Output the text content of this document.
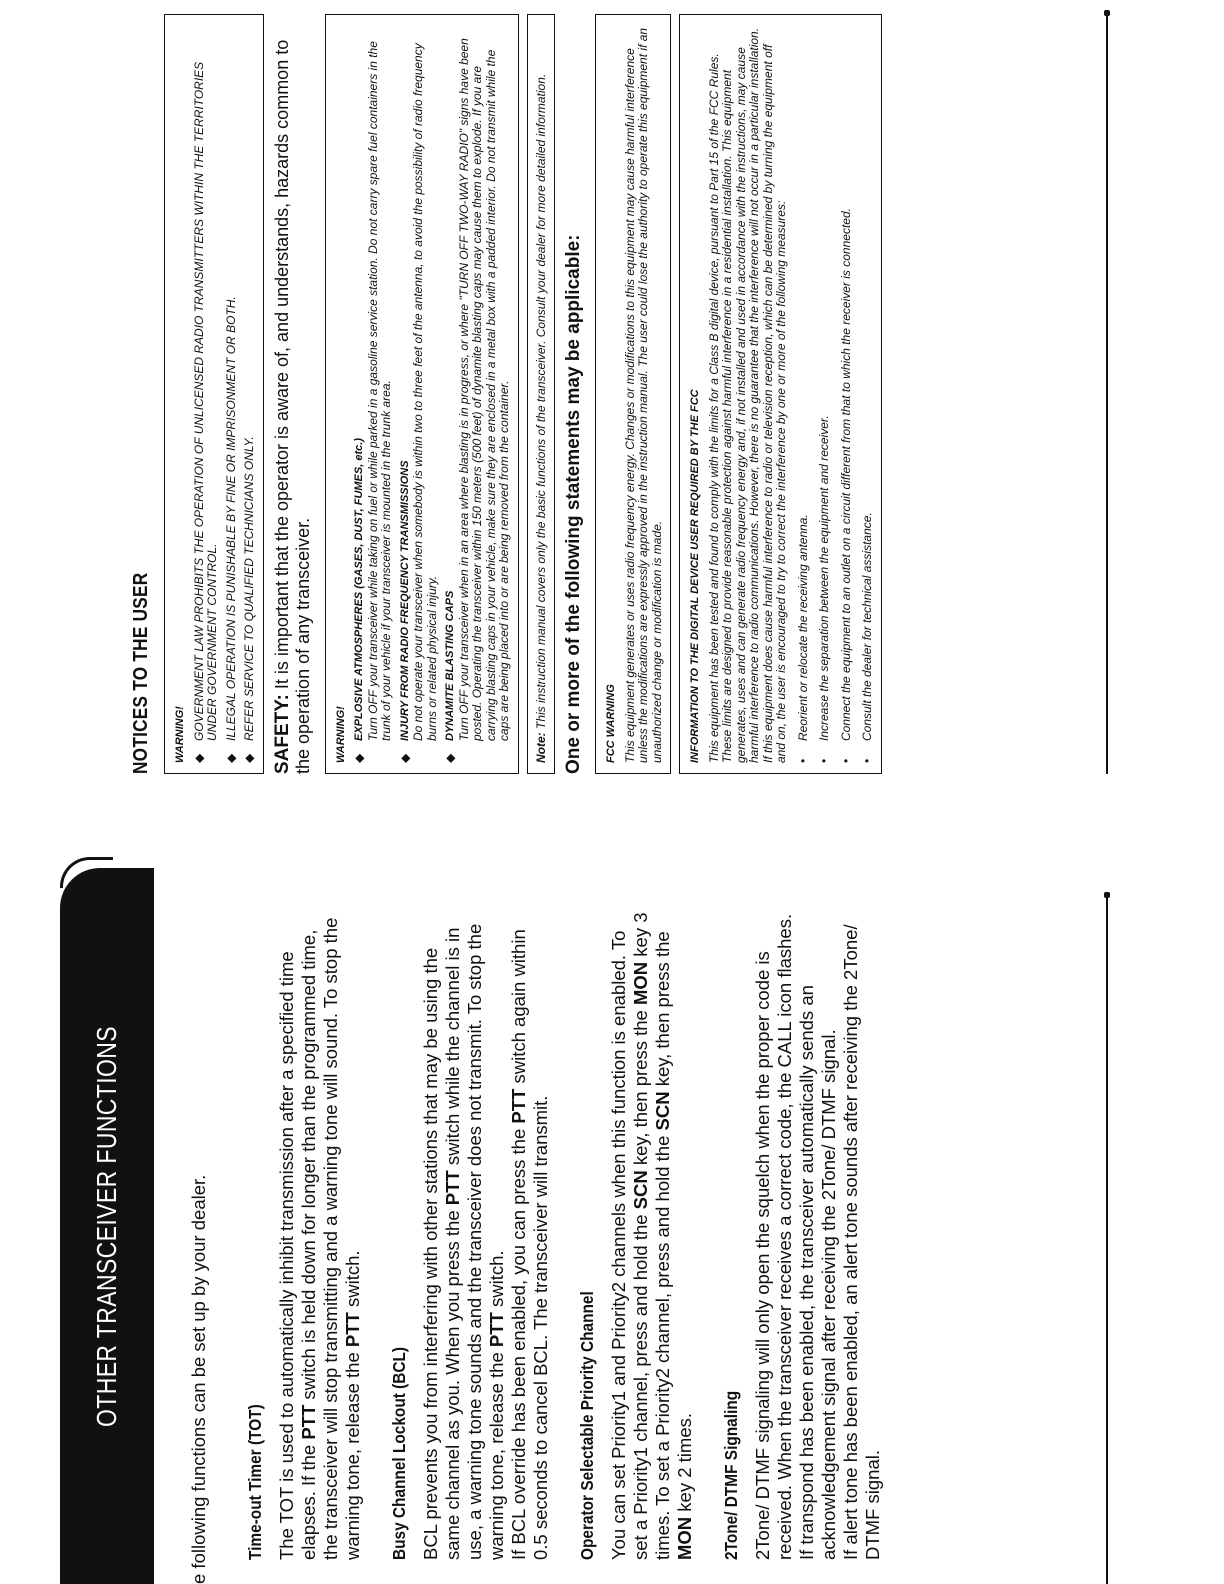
OTHER TRANSCEIVER FUNCTIONS	e following functions can be set up by your dealer. Time-out Timer (TOT) The TOT is used to automatically inhibit transmission after a specified time elapses. If the PTT switch is held down for longer than the programmed time, the transceiver will stop transmitting and a warning tone will sound. To stop the warning tone, release the PTT switch.

Busy Channel Lockout (BCL) BCL prevents you from interfering with other stations that may be using the same channel as you. When you press the PTT switch while the channel is in use, a warning tone sounds and the transceiver does not transmit. To stop the warning tone, release the PTT switch. If BCL override has been enabled, you can press the PTT switch again within 0.5 seconds to cancel BCL. The transceiver will transmit. Operator Selectable Priority Channel You can set Priority1 and Priority2 channels when this function is enabled. To set a Priority1 channel, press and hold the SCN key, then press the MON key 3 times. To set a Priority2 channel, press and hold the SCN key, then press the MON key 2 times. 2Tone/ DTMF Signaling 2Tone/ DTMF signaling will only open the squelch when the proper code is received. When the transceiver receives a correct code, the CALL icon flashes. If transpond has been enabled, the transceiver automatically sends an acknowledgement signal after receiving the 2Tone/ DTMF signal. If alert tone has been enabled, an alert tone sounds after receiving the 2Tone/ DTMF signal.

NOTICES TO THE USER WARNING! ◆
GOVERNMENT LAW PROHIBITS THE OPERATION OF UNLICENSED RADIO TRANSMITTERS WITHIN THE TERRITORIES UNDER GOVERNMENT CONTROL.
◆
ILLEGAL OPERATION IS PUNISHABLE BY FINE OR IMPRISONMENT OR BOTH.
◆
REFER SERVICE TO QUALIFIED TECHNICIANS ONLY. SAFETY: It is important that the operator is aware of, and understands, hazards common to the operation of any transceiver. WARNING! ◆
EXPLOSIVE ATMOSPHERES (GASES, DUST, FUMES, etc.) Turn OFF your transceiver while taking on fuel or while parked in a gasoline service station. Do not carry spare fuel containers in the trunk of your vehicle if your transceiver is mounted in the trunk area.
◆
INJURY FROM RADIO FREQUENCY TRANSMISSIONS Do not operate your transceiver when somebody is within two to three feet of the antenna, to avoid the possibility of radio frequency burns or related physical injury.
◆
DYNAMITE BLASTING CAPS Turn OFF your transceiver when in an area where blasting is in progress, or where "TURN OFF TWO-WAY RADIO" signs have been posted. Operating the transceiver within 150 meters (500 feet) of dynamite blasting caps may cause them to explode. If you are carrying blasting caps in your vehicle, make sure they are enclosed in a metal box with a padded interior. Do not transmit while the caps are being placed into or are being removed from the container.

Note: This instruction manual covers only the basic functions of the transceiver. Consult your dealer for more detailed information. One or more of the following statements may be applicable: FCC WARNING This equipment generates or uses radio frequency energy. Changes or modifications to this equipment may cause harmful interference unless the modifications are expressly approved in the instruction manual. The user could lose the authority to operate this equipment if an unauthorized change or modification is made. INFORMATION TO THE DIGITAL DEVICE USER REQUIRED BY THE FCC This equipment has been tested and found to comply with the limits for a Class B digital device, pursuant to Part 15 of the FCC Rules. These limits are designed to provide reasonable protection against harmful interference in a residential installation. This equipment generates, uses and can generate radio frequency energy and, if not installed and used in accordance with the instructions, may cause harmful interference to radio communications. However, there is no guarantee that the interference will not occur in a particular installation. If this equipment does cause harmful interference to radio or television reception, which can be determined by turning the equipment off and on, the user is encouraged to try to correct the interference by one or more of the following measures: •
Reorient or relocate the receiving antenna.
•
Increase the separation between the equipment and receiver.
•
Connect the equipment to an outlet on a circuit different from that to which the receiver is connected.
•
Consult the dealer for technical assistance.
